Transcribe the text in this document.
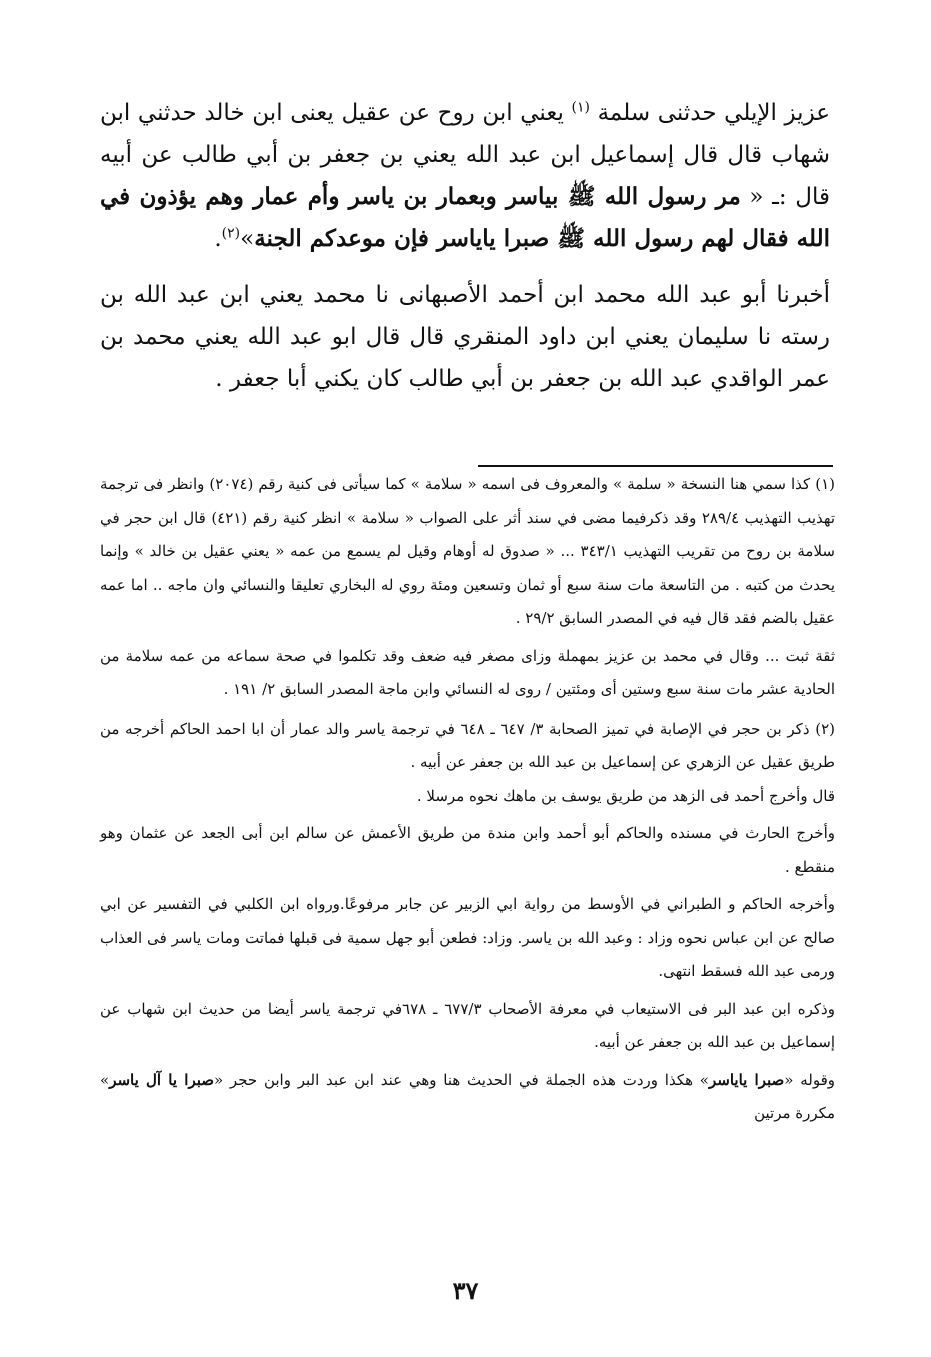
عزيز الإيلي حدثنى سلمة $^{(١)}$ يعني ابن روح عن عقيل يعنى ابن خالد حدثني ابن شهاب قال قال إسماعيل ابن عبد الله يعني بن جعفر بن أبي طالب عن أبيه قال :ـ « مر رسول الله ﷺ بياسر وبعمار بن ياسر وأم عمار وهم يؤذون في الله فقال لهم رسول الله ﷺ صبرا ياياسر فإن موعدكم الجنة»$^{(٢)}$.

أخبرنا أبو عبد الله محمد ابن أحمد الأصبهانى نا محمد يعني ابن عبد الله بن رسته نا سليمان يعني ابن داود المنقري قال قال ابو عبد الله يعني محمد بن عمر الواقدي عبد الله بن جعفر بن أبي طالب كان يكني أبا جعفر .

(١) كذا سمي هنا النسخة « سلمة » والمعروف فى اسمه « سلامة » كما سيأتى فى كنية رقم (٢٠٧٤) وانظر فى ترجمة تهذيب التهذيب ٢٨٩/٤ وقد ذكرفيما مضى في سند أثر على الصواب « سلامة » انظر كنية رقم (٤٢١) قال ابن حجر في سلامة بن روح من تقريب التهذيب ٣٤٣/١ ... « صدوق له أوهام وقيل لم يسمع من عمه « يعني عقيل بن خالد » وإنما يحدث من كتبه . من التاسعة مات سنة سبع أو ثمان وتسعين ومئة روي له البخاري تعليقا والنسائي وان ماجه .. اما عمه عقيل بالضم فقد قال فيه في المصدر السابق ٢٩/٢ .

ثقة ثبت ... وقال في محمد بن عزيز بمهملة وزاى مصغر فيه ضعف وقد تكلموا في صحة سماعه من عمه سلامة من الحادية عشر مات سنة سبع وستين أى ومئتين / روى له النسائي وابن ماجة المصدر السابق ٢/ ١٩١ .

(٢) ذكر بن حجر في الإصابة في تميز الصحابة ٣/ ٦٤٧ ـ ٦٤٨ في ترجمة ياسر والد عمار أن ابا احمد الحاكم أخرجه من طريق عقيل عن الزهري عن إسماعيل بن عبد الله بن جعفر عن أبيه .

قال وأخرج أحمد فى الزهد من طريق يوسف بن ماهك نحوه مرسلا .

وأخرج الحارث في مسنده والحاكم أبو أحمد وابن مندة من طريق الأعمش عن سالم ابن أبى الجعد عن عثمان وهو منقطع .

وأخرجه الحاكم و الطبراني في الأوسط من رواية ابي الزبير عن جابر مرفوعًا.ورواه ابن الكلبي في التفسير عن ابي صالح عن ابن عباس نحوه وزاد : وعبد الله بن ياسر. وزاد: فطعن أبو جهل سمية فى قبلها فماتت ومات ياسر فى العذاب ورمى عبد الله فسقط انتهى.

وذكره ابن عبد البر فى الاستيعاب في معرفة الأصحاب ٦٧٧/٣ ـ ٦٧٨في ترجمة ياسر أيضا من حديث ابن شهاب عن إسماعيل بن عبد الله بن جعفر عن أبيه.

وقوله «صبرا ياياسر» هكذا وردت هذه الجملة في الحديث هنا وهي عند ابن عبد البر وابن حجر «صبرا يا آل ياسر» مكررة مرتين

٣٧
